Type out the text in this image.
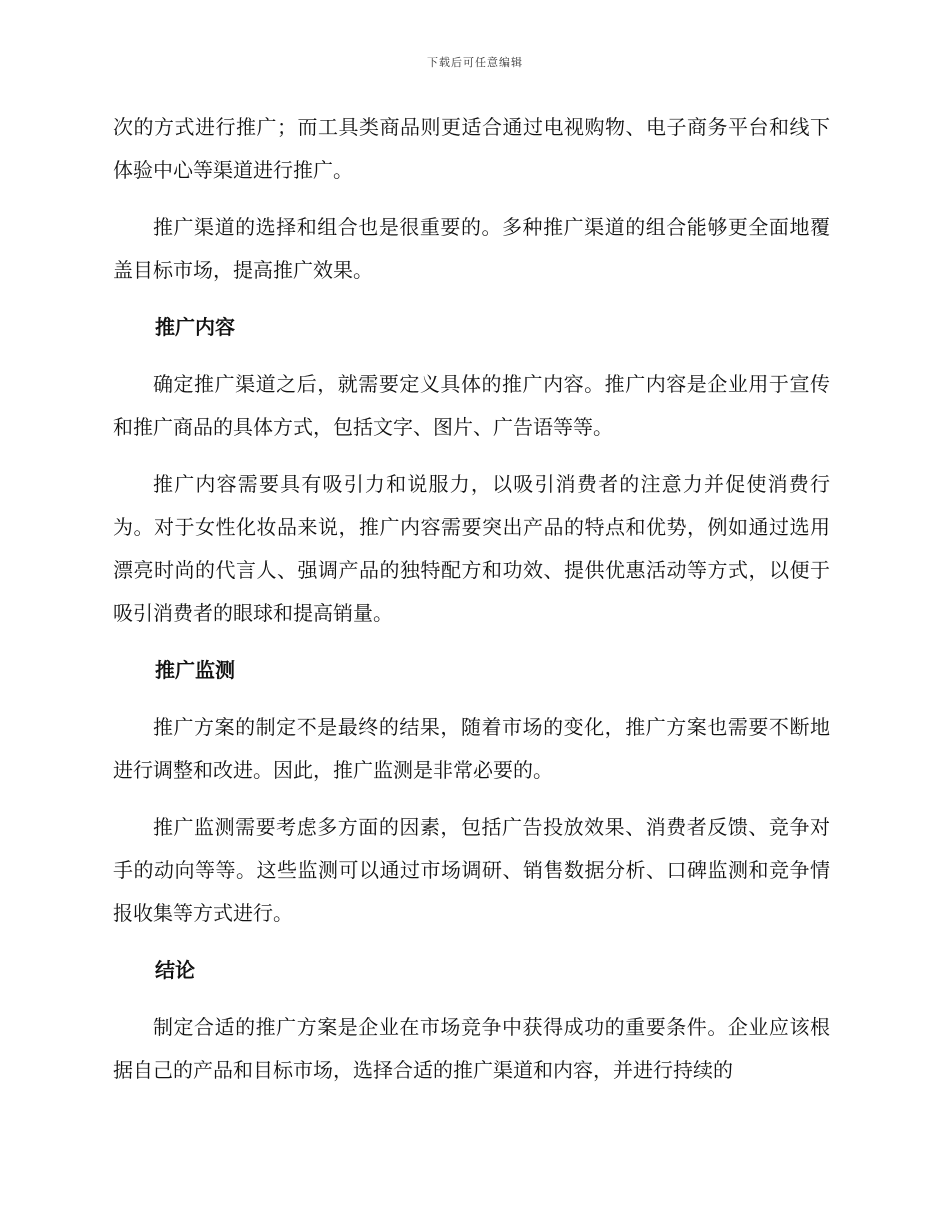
下载后可任意编辑

次的方式进行推广；而工具类商品则更适合通过电视购物、电子商务平台和线下体验中心等渠道进行推广。

推广渠道的选择和组合也是很重要的。多种推广渠道的组合能够更全面地覆盖目标市场，提高推广效果。

推广内容

确定推广渠道之后，就需要定义具体的推广内容。推广内容是企业用于宣传和推广商品的具体方式，包括文字、图片、广告语等等。

推广内容需要具有吸引力和说服力，以吸引消费者的注意力并促使消费行为。对于女性化妆品来说，推广内容需要突出产品的特点和优势，例如通过选用漂亮时尚的代言人、强调产品的独特配方和功效、提供优惠活动等方式，以便于吸引消费者的眼球和提高销量。

推广监测

推广方案的制定不是最终的结果，随着市场的变化，推广方案也需要不断地进行调整和改进。因此，推广监测是非常必要的。

推广监测需要考虑多方面的因素，包括广告投放效果、消费者反馈、竞争对手的动向等等。这些监测可以通过市场调研、销售数据分析、口碑监测和竞争情报收集等方式进行。

结论

制定合适的推广方案是企业在市场竞争中获得成功的重要条件。企业应该根据自己的产品和目标市场，选择合适的推广渠道和内容，并进行持续的
